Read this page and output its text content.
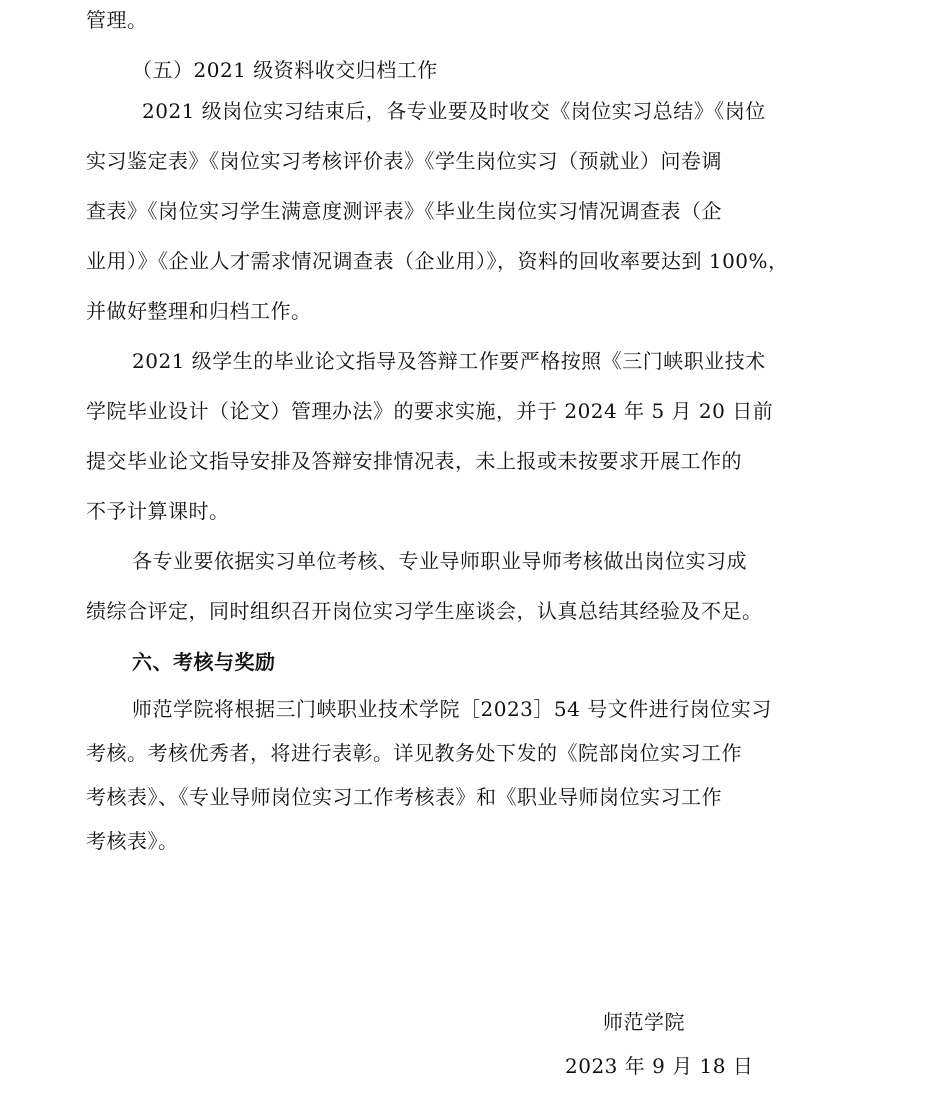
管理。
（五）2021 级资料收交归档工作
2021 级岗位实习结束后，各专业要及时收交《岗位实习总结》《岗位
实习鉴定表》《岗位实习考核评价表》《学生岗位实习（预就业）问卷调
查表》《岗位实习学生满意度测评表》《毕业生岗位实习情况调查表（企
业用）》《企业人才需求情况调查表（企业用）》，资料的回收率要达到 100%，
并做好整理和归档工作。
2021 级学生的毕业论文指导及答辩工作要严格按照《三门峡职业技术
学院毕业设计（论文）管理办法》的要求实施，并于 2024 年 5 月 20 日前
提交毕业论文指导安排及答辩安排情况表，未上报或未按要求开展工作的
不予计算课时。
各专业要依据实习单位考核、专业导师职业导师考核做出岗位实习成
绩综合评定，同时组织召开岗位实习学生座谈会，认真总结其经验及不足。
六、考核与奖励
师范学院将根据三门峡职业技术学院［2023］54 号文件进行岗位实习
考核。考核优秀者，将进行表彰。详见教务处下发的《院部岗位实习工作
考核表》、《专业导师岗位实习工作考核表》和《职业导师岗位实习工作
考核表》。
师范学院
2023 年 9 月 18 日
